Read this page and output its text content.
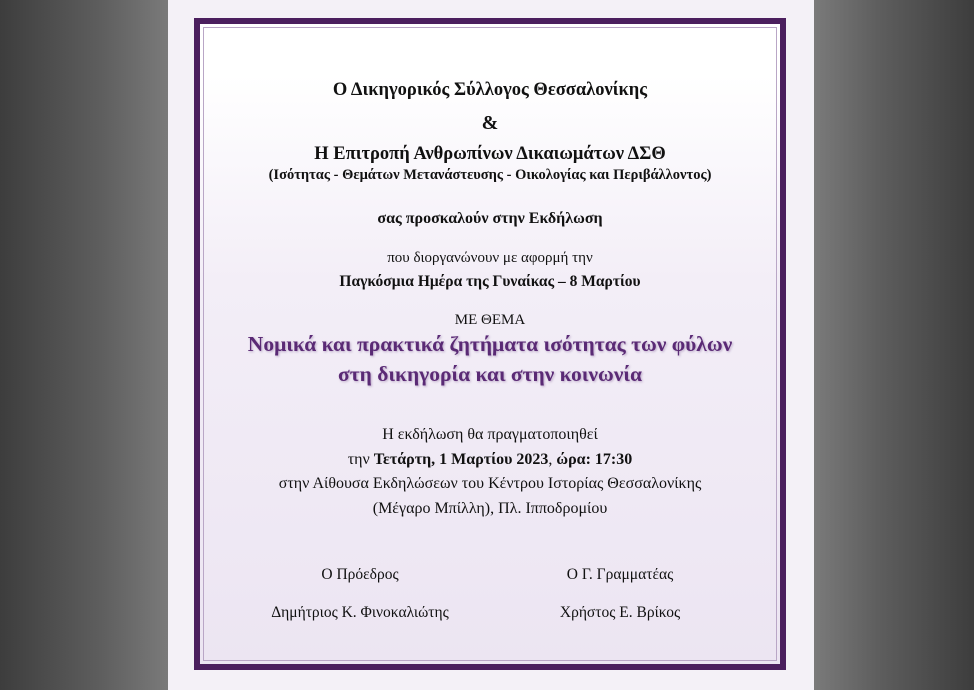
Ο Δικηγορικός Σύλλογος Θεσσαλονίκης
&
Η Επιτροπή Ανθρωπίνων Δικαιωμάτων ΔΣΘ
(Ισότητας - Θεμάτων Μετανάστευσης - Οικολογίας και Περιβάλλοντος)
σας προσκαλούν στην Εκδήλωση
που διοργανώνουν με αφορμή την
Παγκόσμια Ημέρα της Γυναίκας – 8 Μαρτίου
ΜΕ ΘΕΜΑ
Νομικά και πρακτικά ζητήματα ισότητας των φύλων
στη δικηγορία και στην κοινωνία
Η εκδήλωση θα πραγματοποιηθεί
την Τετάρτη, 1 Μαρτίου 2023, ώρα: 17:30
στην Αίθουσα Εκδηλώσεων του Κέντρου Ιστορίας Θεσσαλονίκης
(Μέγαρο Μπίλλη), Πλ. Ιπποδρομίου
Ο Πρόεδρος	Ο Γ. Γραμματέας
Δημήτριος Κ. Φινοκαλιώτης	Χρήστος Ε. Βρίκος
